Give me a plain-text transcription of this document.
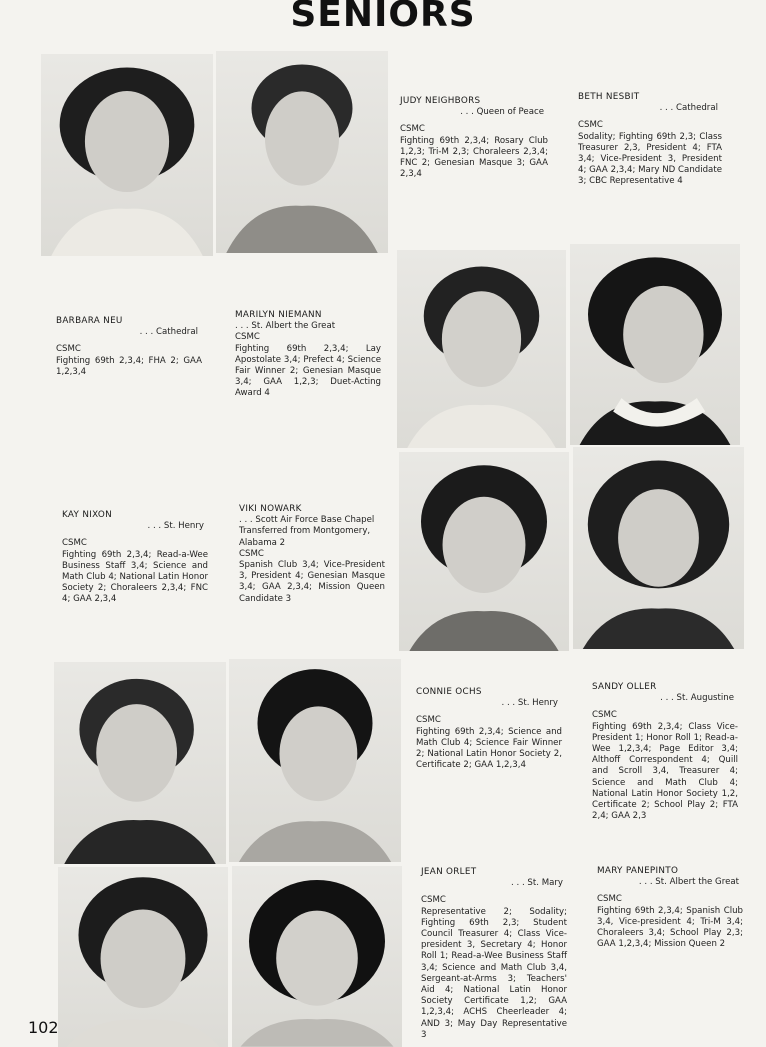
SENIORS
JUDY NEIGHBORS
. . . Queen of Peace
CSMC
Fighting 69th 2,3,4; Rosary Club 1,2,3; Tri-M 2,3; Choraleers 2,3,4; FNC 2; Genesian Masque 3; GAA 2,3,4
BETH NESBIT
. . . Cathedral
CSMC
Sodality; Fighting 69th 2,3; Class Treasurer 2,3, President 4; FTA 3,4; Vice-President 3, President 4; GAA 2,3,4; Mary ND Candidate 3; CBC Representative 4
BARBARA NEU
. . . Cathedral
CSMC
Fighting 69th 2,3,4; FHA 2; GAA 1,2,3,4
MARILYN NIEMANN
. . . St. Albert the Great
CSMC
Fighting 69th 2,3,4; Lay Apostolate 3,4; Prefect 4; Science Fair Winner 2; Genesian Masque 3,4; GAA 1,2,3; Duet-Acting Award 4
KAY NIXON
. . . St. Henry
CSMC
Fighting 69th 2,3,4; Read-a-Wee Business Staff 3,4; Science and Math Club 4; National Latin Honor Society 2; Choraleers 2,3,4; FNC 4; GAA 2,3,4
VIKI NOWARK
. . . Scott Air Force Base Chapel
Transferred from Montgomery, Alabama 2
CSMC
Spanish Club 3,4; Vice-President 3, President 4; Genesian Masque 3,4; GAA 2,3,4; Mission Queen Candidate 3
CONNIE OCHS
. . . St. Henry
CSMC
Fighting 69th 2,3,4; Science and Math Club 4; Science Fair Winner 2; National Latin Honor Society 2, Certificate 2; GAA 1,2,3,4
SANDY OLLER
. . . St. Augustine
CSMC
Fighting 69th 2,3,4; Class Vice-President 1; Honor Roll 1; Read-a-Wee 1,2,3,4; Page Editor 3,4; Althoff Correspondent 4; Quill and Scroll 3,4, Treasurer 4; Science and Math Club 4; National Latin Honor Society 1,2, Certificate 2; School Play 2; FTA 2,4; GAA 2,3
JEAN ORLET
. . . St. Mary
CSMC
Representative 2; Sodality; Fighting 69th 2,3; Student Council Treasurer 4; Class Vice-president 3, Secretary 4; Honor Roll 1; Read-a-Wee Business Staff 3,4; Science and Math Club 3,4, Sergeant-at-Arms 3; Teachers' Aid 4; National Latin Honor Society Certificate 1,2; GAA 1,2,3,4; ACHS Cheerleader 4; AND 3; May Day Representative 3
MARY PANEPINTO
. . . St. Albert the Great
CSMC
Fighting 69th 2,3,4; Spanish Club 3,4, Vice-president 4; Tri-M 3,4; Choraleers 3,4; School Play 2,3; GAA 1,2,3,4; Mission Queen 2
102
